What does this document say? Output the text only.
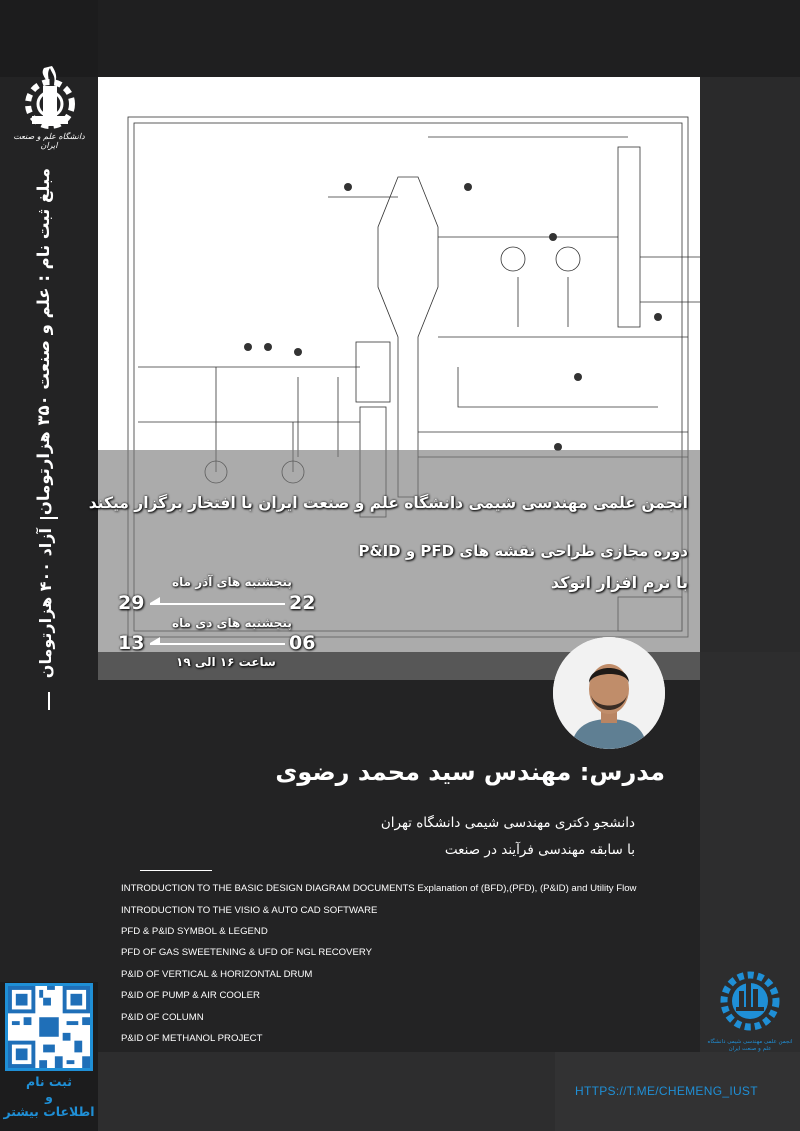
دانشگاه علم و صنعت ایران
مبلغ ثبت نام : علم و صنعت ۳۵۰ هزارتومان
آزاد ۴۰۰ هزارتومان
ثبت نام
و
اطلاعات بیشتر
انجمن علمی مهندسی شیمی دانشگاه علم و صنعت ایران با افتخار برگزار میکند
دوره مجازی طراحی نقشه های PFD و P&ID
با نرم افزار اتوکد
پنجشنبه های آذر ماه
29	22
پنجشنبه های دی ماه
13	06
ساعت ۱۶ الی ۱۹
مدرس: مهندس سید محمد رضوی
دانشجو دکتری مهندسی شیمی دانشگاه تهران
با سابقه مهندسی فرآیند در صنعت
INTRODUCTION TO THE BASIC DESIGN DIAGRAM DOCUMENTS Explanation of (BFD),(PFD), (P&ID) and Utility Flow
INTRODUCTION TO THE VISIO & AUTO CAD SOFTWARE
PFD & P&ID SYMBOL & LEGEND
PFD OF GAS SWEETENING & UFD OF NGL RECOVERY
P&ID OF VERTICAL & HORIZONTAL DRUM
P&ID OF PUMP & AIR COOLER
P&ID OF COLUMN
P&ID OF METHANOL PROJECT	انجمن علمی مهندسی شیمی دانشگاه علم و صنعت ایران
HTTPS://T.ME/CHEMENG_IUST
